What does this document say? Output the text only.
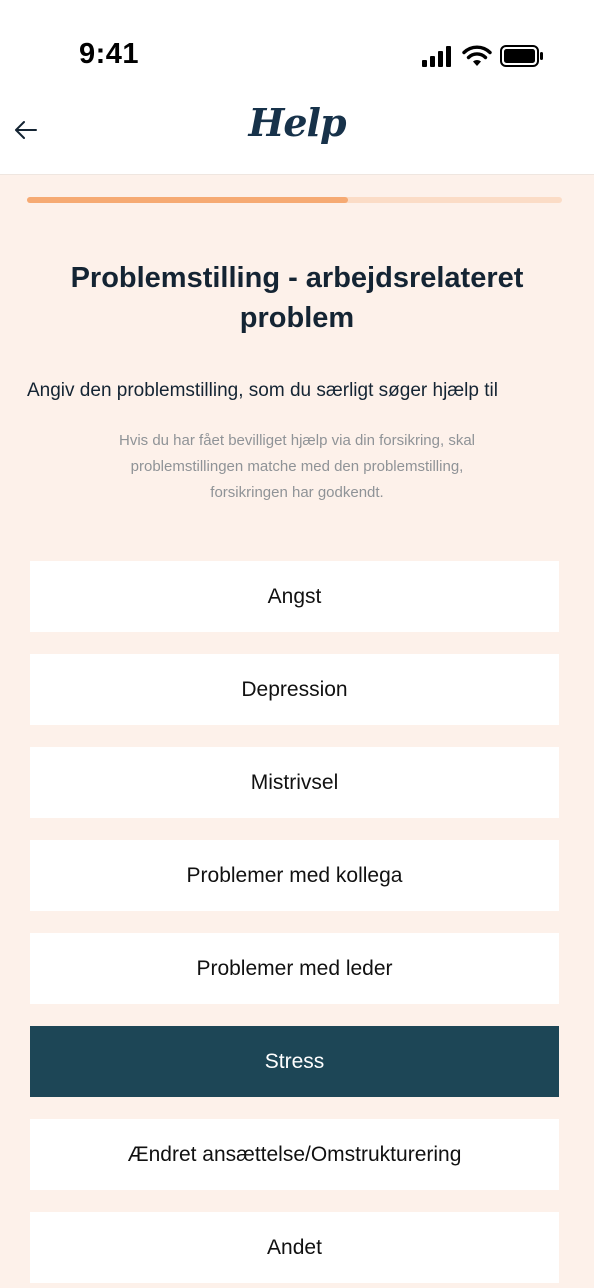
9:41
Help
Problemstilling - arbejdsrelateret problem
Angiv den problemstilling, som du særligt søger hjælp til
Hvis du har fået bevilliget hjælp via din forsikring, skal problemstillingen matche med den problemstilling, forsikringen har godkendt.
Angst
Depression
Mistrivsel
Problemer med kollega
Problemer med leder
Stress
Ændret ansættelse/Omstrukturering
Andet
